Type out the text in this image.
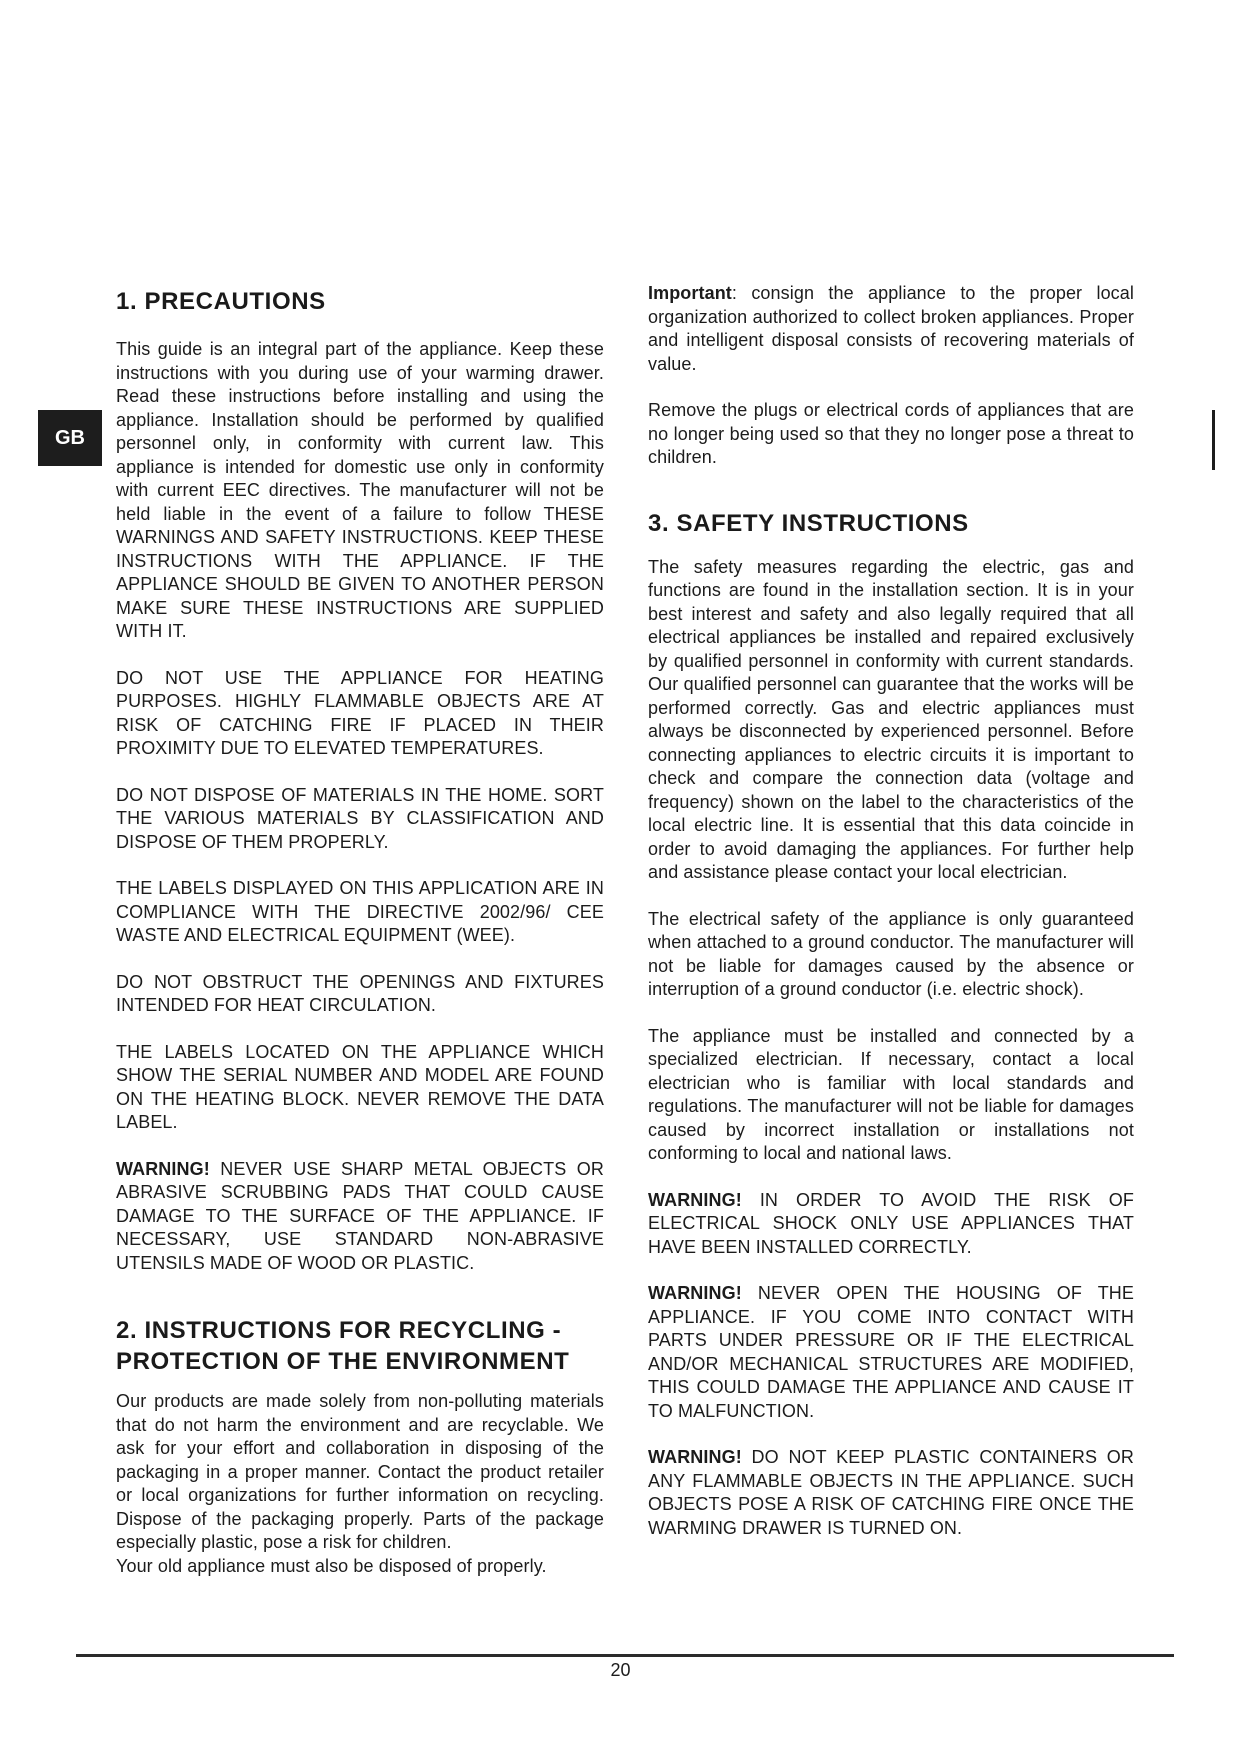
GB
1. PRECAUTIONS

This guide is an integral part of the appliance. Keep these instructions with you during use of your warming drawer. Read these instructions before installing and using the appliance. Installation should be performed by qualified personnel only, in conformity with current law. This appliance is intended for domestic use only in conformity with current EEC directives. The manufacturer will not be held liable in the event of a failure to follow THESE WARNINGS AND SAFETY INSTRUCTIONS. KEEP THESE INSTRUCTIONS WITH THE APPLIANCE. IF THE APPLIANCE SHOULD BE GIVEN TO ANOTHER PERSON MAKE SURE THESE INSTRUCTIONS ARE SUPPLIED WITH IT.

DO NOT USE THE APPLIANCE FOR HEATING PURPOSES. HIGHLY FLAMMABLE OBJECTS ARE AT RISK OF CATCHING FIRE IF PLACED IN THEIR PROXIMITY DUE TO ELEVATED TEMPERATURES.

DO NOT DISPOSE OF MATERIALS IN THE HOME. SORT THE VARIOUS MATERIALS BY CLASSIFICATION AND DISPOSE OF THEM PROPERLY.

THE LABELS DISPLAYED ON THIS APPLICATION ARE IN COMPLIANCE WITH THE DIRECTIVE 2002/96/ CEE WASTE AND ELECTRICAL EQUIPMENT (WEE).

DO NOT OBSTRUCT THE OPENINGS AND FIXTURES INTENDED FOR HEAT CIRCULATION.

THE LABELS LOCATED ON THE APPLIANCE WHICH SHOW THE SERIAL NUMBER AND MODEL ARE FOUND ON THE HEATING BLOCK. NEVER REMOVE THE DATA LABEL.

WARNING! NEVER USE SHARP METAL OBJECTS OR ABRASIVE SCRUBBING PADS THAT COULD CAUSE DAMAGE TO THE SURFACE OF THE APPLIANCE. IF NECESSARY, USE STANDARD NON-ABRASIVE UTENSILS MADE OF WOOD OR PLASTIC.

2. INSTRUCTIONS FOR RECYCLING -
PROTECTION OF THE ENVIRONMENT

Our products are made solely from non-polluting materials that do not harm the environment and are recyclable. We ask for your effort and collaboration in disposing of the packaging in a proper manner. Contact the product retailer or local organizations for further information on recycling. Dispose of the packaging properly. Parts of the package especially plastic, pose a risk for children.

Your old appliance must also be disposed of properly.

Important: consign the appliance to the proper local organization authorized to collect broken appliances. Proper and intelligent disposal consists of recovering materials of value.

Remove the plugs or electrical cords of appliances that are no longer being used so that they no longer pose a threat to children.

3. SAFETY INSTRUCTIONS

The safety measures regarding the electric, gas and functions are found in the installation section. It is in your best interest and safety and also legally required that all electrical appliances be installed and repaired exclusively by qualified personnel in conformity with current standards. Our qualified personnel can guarantee that the works will be performed correctly. Gas and electric appliances must always be disconnected by experienced personnel. Before connecting appliances to electric circuits it is important to check and compare the connection data (voltage and frequency) shown on the label to the characteristics of the local electric line. It is essential that this data coincide in order to avoid damaging the appliances. For further help and assistance please contact your local electrician.

The electrical safety of the appliance is only guaranteed when attached to a ground conductor. The manufacturer will not be liable for damages caused by the absence or interruption of a ground conductor (i.e. electric shock).

The appliance must be installed and connected by a specialized electrician. If necessary, contact a local electrician who is familiar with local standards and regulations. The manufacturer will not be liable for damages caused by incorrect installation or installations not conforming to local and national laws.

WARNING! IN ORDER TO AVOID THE RISK OF ELECTRICAL SHOCK ONLY USE APPLIANCES THAT HAVE BEEN INSTALLED CORRECTLY.

WARNING! NEVER OPEN THE HOUSING OF THE APPLIANCE. IF YOU COME INTO CONTACT WITH PARTS UNDER PRESSURE OR IF THE ELECTRICAL AND/OR MECHANICAL STRUCTURES ARE MODIFIED, THIS COULD DAMAGE THE APPLIANCE AND CAUSE IT TO MALFUNCTION.

WARNING! DO NOT KEEP PLASTIC CONTAINERS OR ANY FLAMMABLE OBJECTS IN THE APPLIANCE. SUCH OBJECTS POSE A RISK OF CATCHING FIRE ONCE THE WARMING DRAWER IS TURNED ON.

20
